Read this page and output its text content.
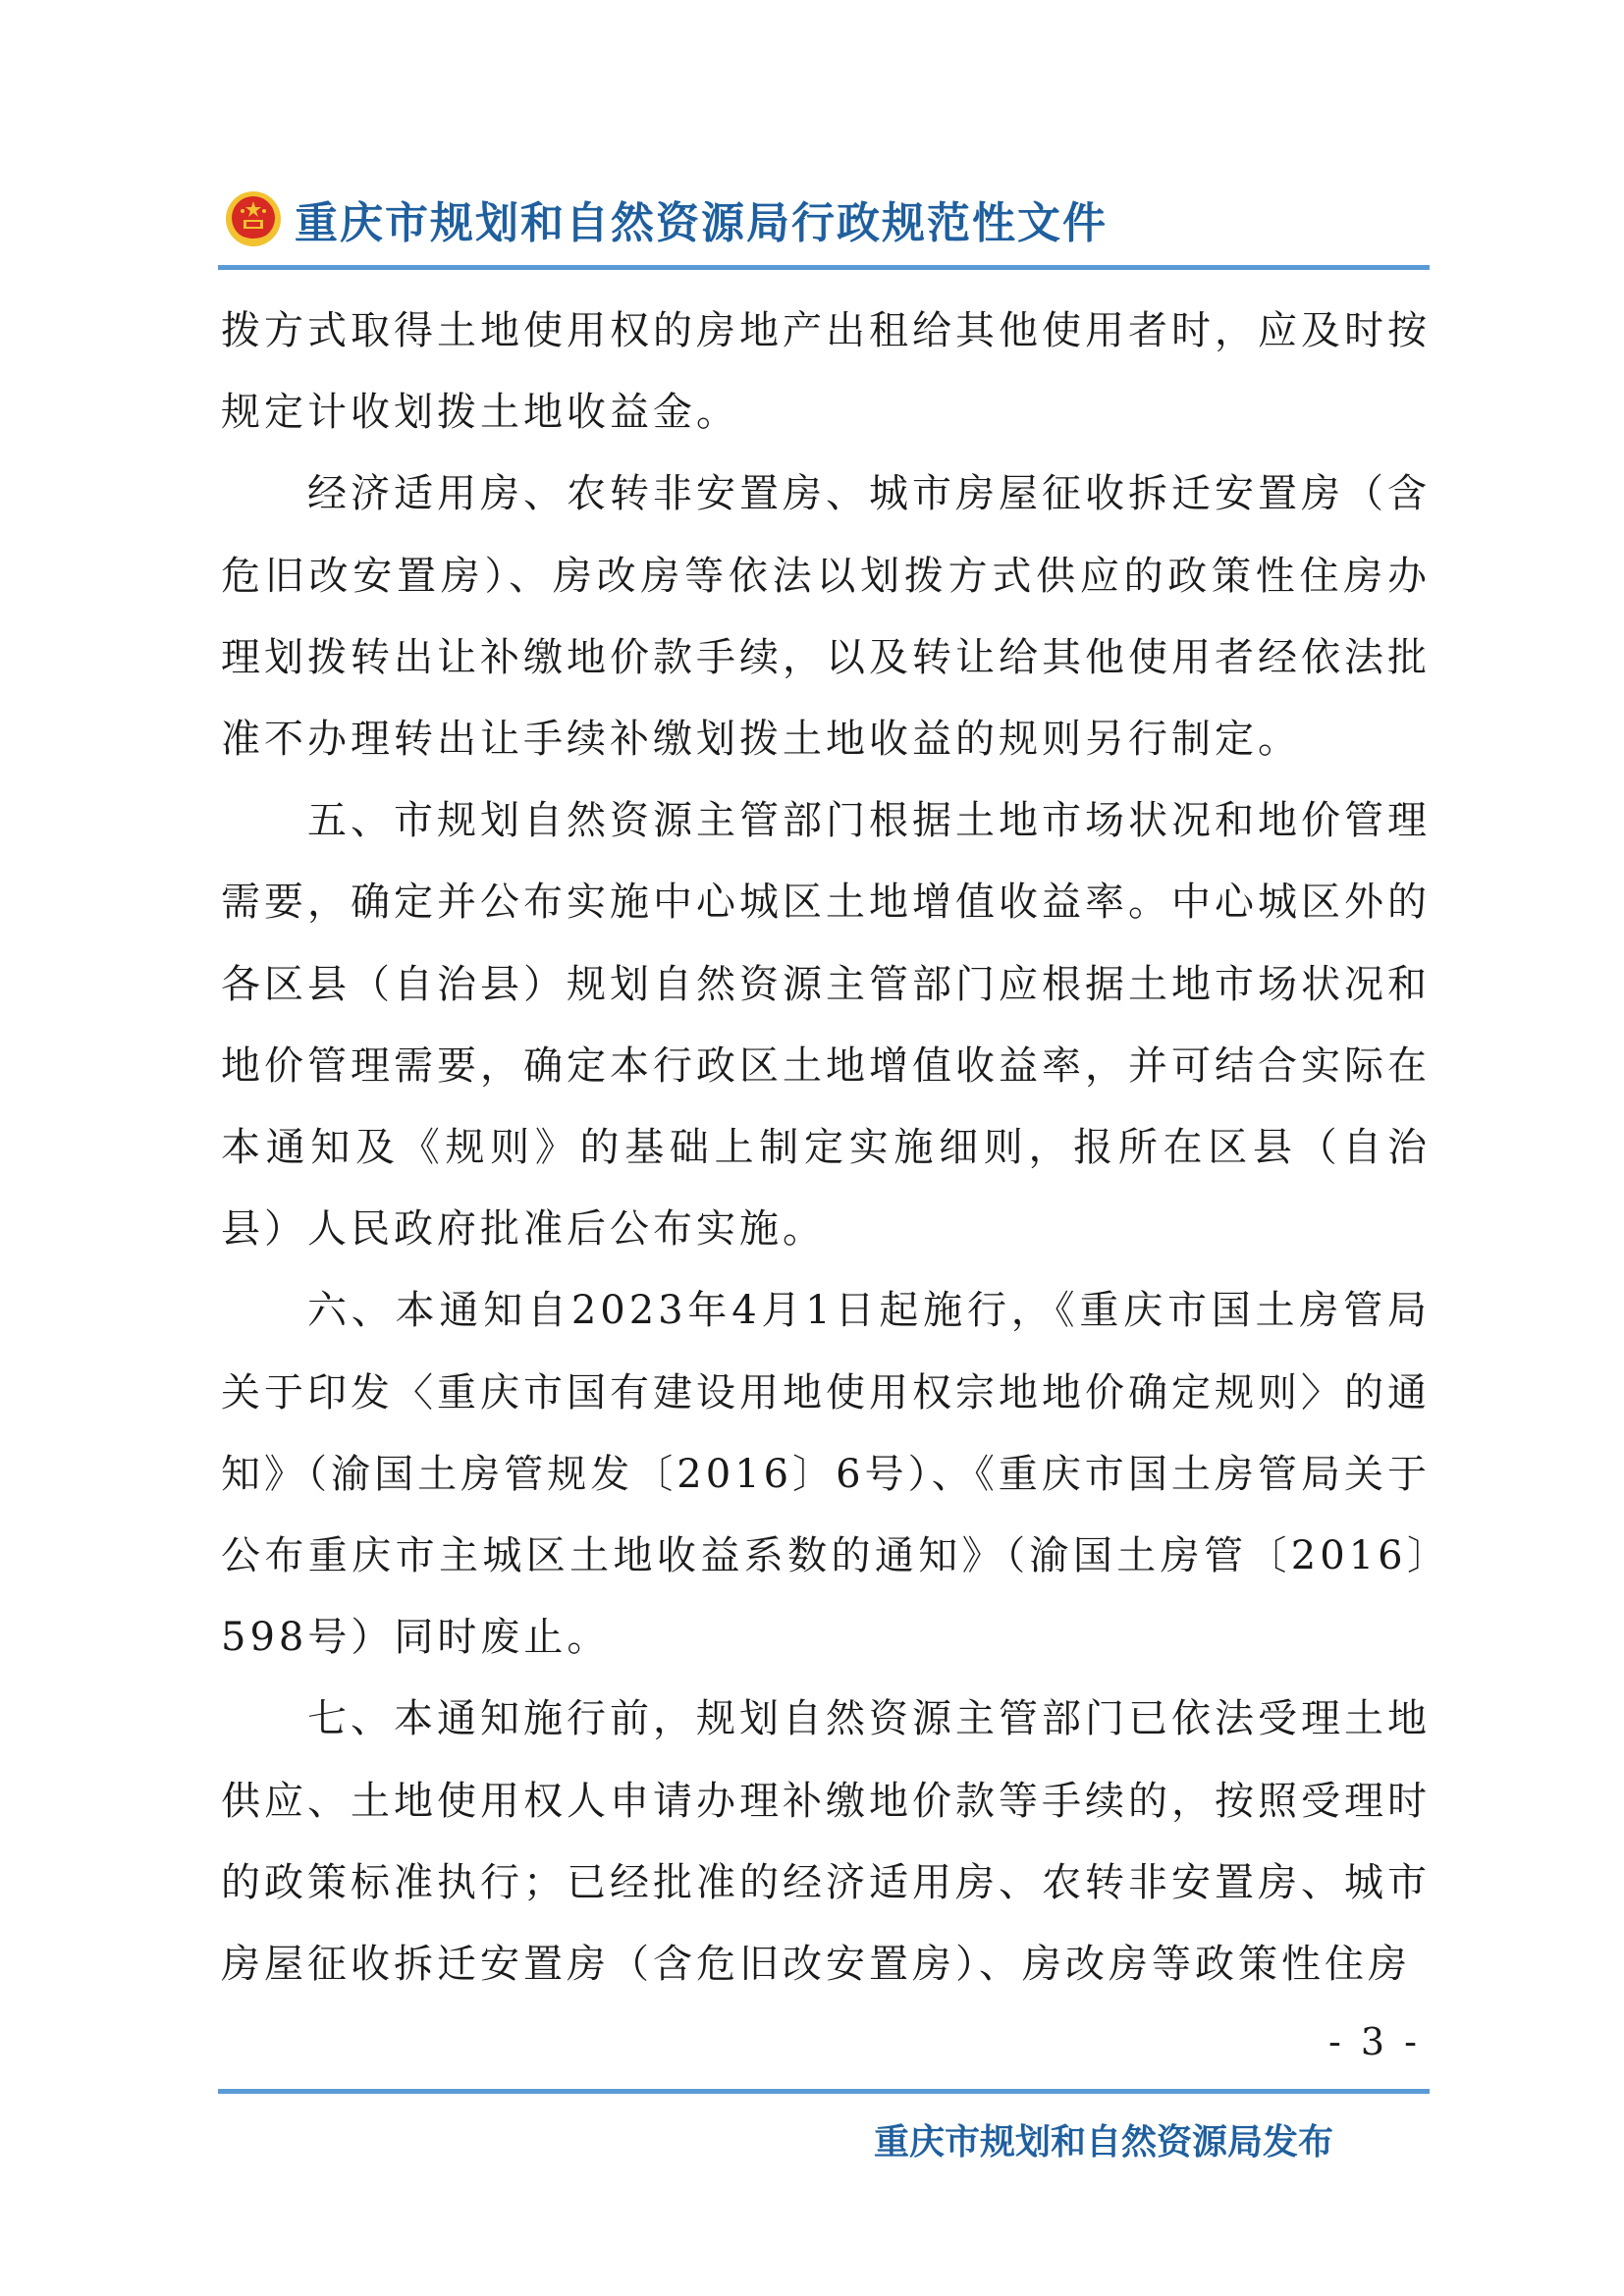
重庆市规划和自然资源局行政规范性文件

拨方式取得土地使用权的房地产出租给其他使用者时，应及时按规定计收划拨土地收益金。

经济适用房、农转非安置房、城市房屋征收拆迁安置房（含危旧改安置房）、房改房等依法以划拨方式供应的政策性住房办理划拨转出让补缴地价款手续，以及转让给其他使用者经依法批准不办理转出让手续补缴划拨土地收益的规则另行制定。

五、市规划自然资源主管部门根据土地市场状况和地价管理需要，确定并公布实施中心城区土地增值收益率。中心城区外的各区县（自治县）规划自然资源主管部门应根据土地市场状况和地价管理需要，确定本行政区土地增值收益率，并可结合实际在本通知及《规则》的基础上制定实施细则，报所在区县（自治县）人民政府批准后公布实施。

六、本通知自2023年4月1日起施行，《重庆市国土房管局关于印发〈重庆市国有建设用地使用权宗地地价确定规则〉的通知》（渝国土房管规发〔2016〕6号）、《重庆市国土房管局关于公布重庆市主城区土地收益系数的通知》（渝国土房管〔2016〕598号）同时废止。

七、本通知施行前，规划自然资源主管部门已依法受理土地供应、土地使用权人申请办理补缴地价款等手续的，按照受理时的政策标准执行；已经批准的经济适用房、农转非安置房、城市房屋征收拆迁安置房（含危旧改安置房）、房改房等政策性住房

- 3 -
重庆市规划和自然资源局发布
